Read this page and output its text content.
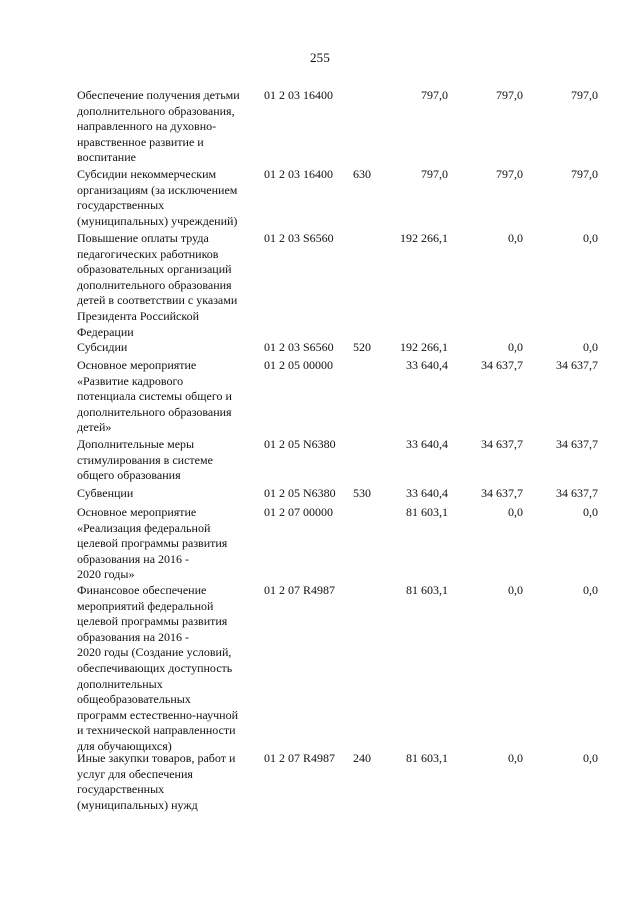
255
Обеспечение получения детьми
дополнительного образования,
направленного на духовно-
нравственное развитие и
воспитание
01 2 03 16400	797,0	797,0	797,0
Субсидии некоммерческим
организациям (за исключением
государственных
(муниципальных) учреждений)
01 2 03 16400 630	797,0	797,0	797,0
Повышение оплаты труда
педагогических работников
образовательных организаций
дополнительного образования
детей в соответствии с указами
Президента Российской
Федерации
01 2 03 S6560	192 266,1	0,0	0,0
Субсидии	01 2 03 S6560 520	192 266,1	0,0	0,0
Основное мероприятие
«Развитие кадрового
потенциала системы общего и
дополнительного образования
детей»
01 2 05 00000	33 640,4	34 637,7	34 637,7
Дополнительные меры
стимулирования в системе
общего образования
01 2 05 N6380	33 640,4	34 637,7	34 637,7
Субвенции	01 2 05 N6380 530	33 640,4	34 637,7	34 637,7
Основное мероприятие
«Реализация федеральной
целевой программы развития
образования на 2016 -
2020 годы»
01 2 07 00000	81 603,1	0,0	0,0
Финансовое обеспечение
мероприятий федеральной
целевой программы развития
образования на 2016 -
2020 годы (Создание условий,
обеспечивающих доступность
дополнительных
общеобразовательных
программ естественно-научной
и технической направленности
для обучающихся)
01 2 07 R4987	81 603,1	0,0	0,0
Иные закупки товаров, работ и
услуг для обеспечения
государственных
(муниципальных) нужд
01 2 07 R4987 240	81 603,1	0,0	0,0
